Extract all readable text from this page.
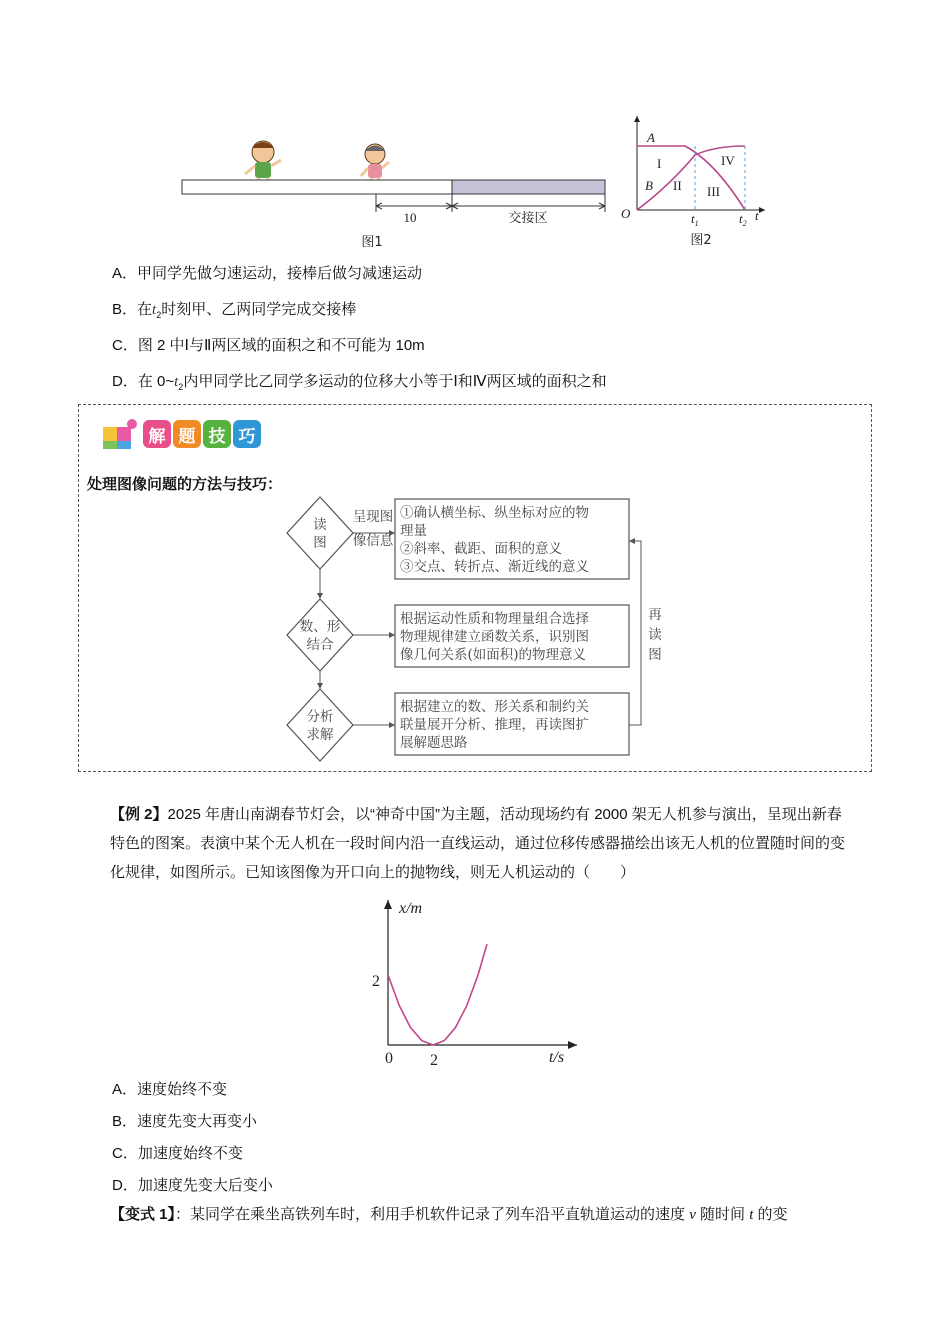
10	交接区
图1
A
B
I
II III
IV
O	$t_1$	$t_2$
t
图2
A．甲同学先做匀速运动，接棒后做匀减速运动
B．在$t_2$时刻甲、乙两同学完成交接棒
C．图 2 中Ⅰ与Ⅱ两区域的面积之和不可能为 10m
D．在 $0\sim t_2$内甲同学比乙同学多运动的位移大小等于Ⅰ和Ⅳ两区域的面积之和
解 题 技 巧
处理图像问题的方法与技巧：
读
图
数、形
结合
分析
求解
呈现图
像信息
①确认横坐标、纵坐标对应的物
理量
②斜率、截距、面积的意义
③交点、转折点、渐近线的意义
根据运动性质和物理量组合选择
物理规律建立函数关系，识别图
像几何关系(如面积)的物理意义
根据建立的数、形关系和制约关
联量展开分析、推理，再读图扩
展解题思路
再
读
图
【例 2】2025 年唐山南湖春节灯会，以“神奇中国”为主题，活动现场约有 2000 架无人机参与演出，呈现出新春特色的图案。表演中某个无人机在一段时间内沿一直线运动，通过位移传感器描绘出该无人机的位置随时间的变化规律，如图所示。已知该图像为开口向上的抛物线，则无人机运动的（　　）
x/m
t/s
2
0 2
A．速度始终不变
B．速度先变大再变小
C．加速度始终不变
D．加速度先变大后变小
【变式 1】：某同学在乘坐高铁列车时，利用手机软件记录了列车沿平直轨道运动的速度 v 随时间 t 的变
